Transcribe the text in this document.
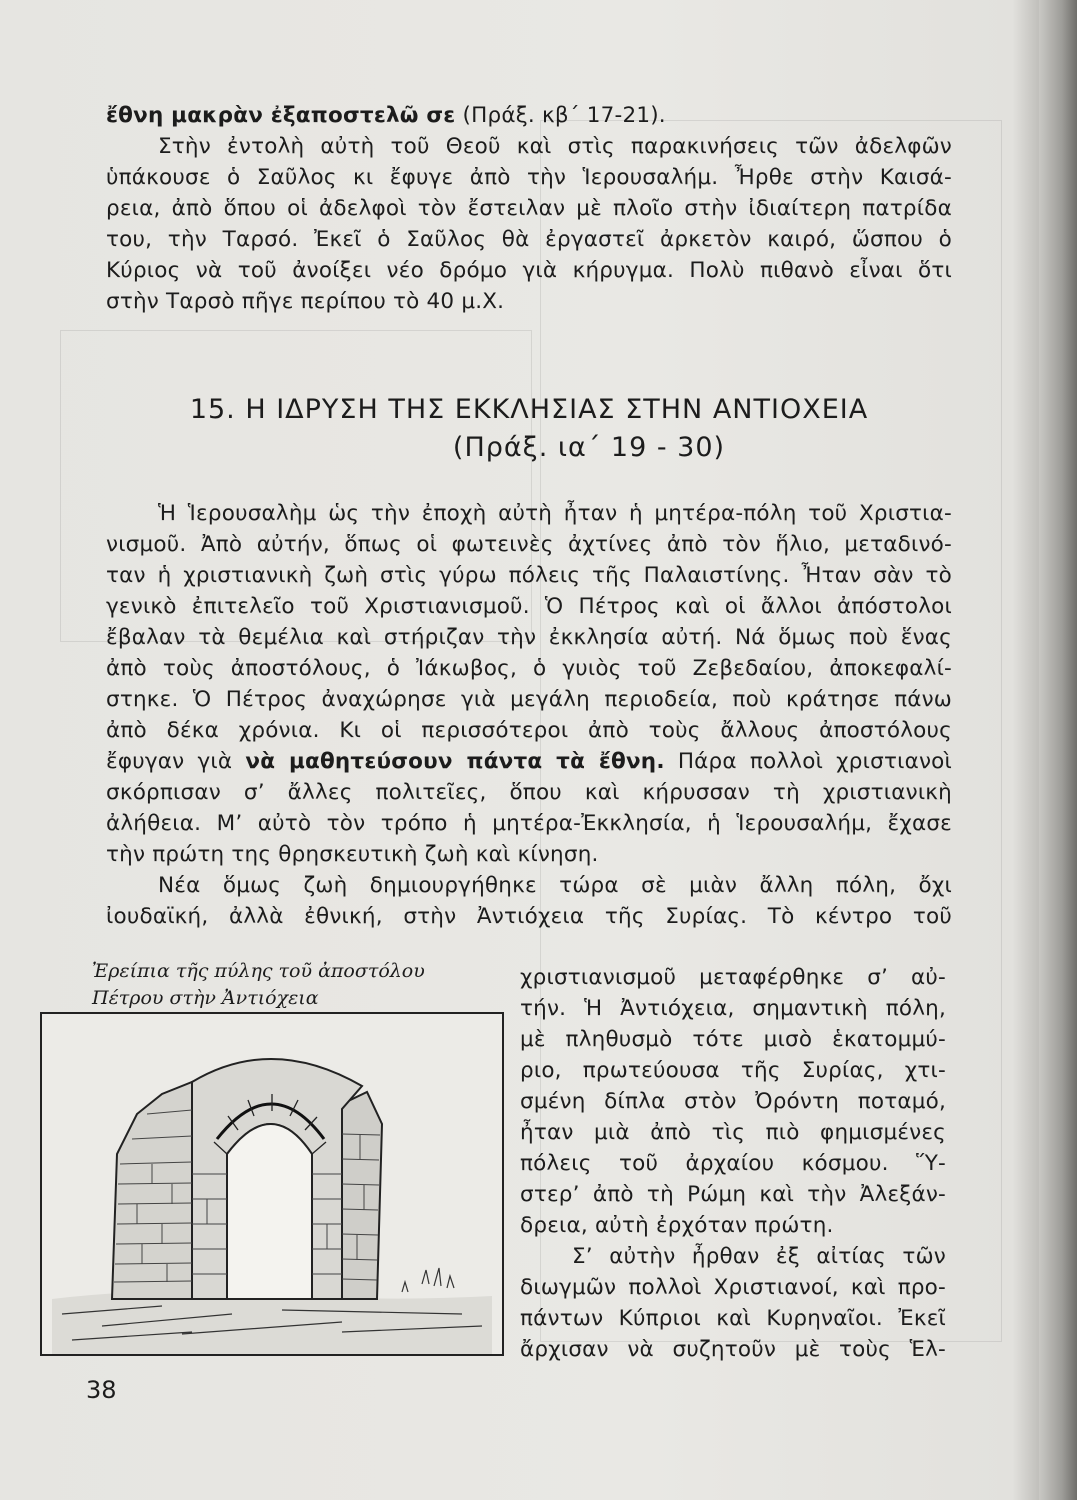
ἔθνη μακρὰν ἐξαποστελῶ σε (Πράξ. κβ΄ 17-21).
Στὴν ἐντολὴ αὐτὴ τοῦ Θεοῦ καὶ στὶς παρακινήσεις τῶν ἀδελφῶν
ὑπάκουσε ὁ Σαῦλος κι ἔφυγε ἀπὸ τὴν Ἱερουσαλήμ. Ἦρθε στὴν Καισά-
ρεια, ἀπὸ ὅπου οἱ ἀδελφοὶ τὸν ἔστειλαν μὲ πλοῖο στὴν ἰδιαίτερη πατρίδα
του, τὴν Ταρσό. Ἐκεῖ ὁ Σαῦλος θὰ ἐργαστεῖ ἀρκετὸν καιρό, ὥσπου ὁ
Κύριος νὰ τοῦ ἀνοίξει νέο δρόμο γιὰ κήρυγμα. Πολὺ πιθανὸ εἶναι ὅτι
στὴν Ταρσὸ πῆγε περίπου τὸ 40 μ.Χ.
15. Η ΙΔΡΥΣΗ ΤΗΣ ΕΚΚΛΗΣΙΑΣ ΣΤΗΝ ΑΝΤΙΟΧΕΙΑ
(Πράξ. ια΄ 19 - 30)
Ἡ Ἱερουσαλὴμ ὡς τὴν ἐποχὴ αὐτὴ ἦταν ἡ μητέρα-πόλη τοῦ Χριστια-
νισμοῦ. Ἀπὸ αὐτήν, ὅπως οἱ φωτεινὲς ἀχτίνες ἀπὸ τὸν ἥλιο, μεταδινό-
ταν ἡ χριστιανικὴ ζωὴ στὶς γύρω πόλεις τῆς Παλαιστίνης. Ἦταν σὰν τὸ
γενικὸ ἐπιτελεῖο τοῦ Χριστιανισμοῦ. Ὁ Πέτρος καὶ οἱ ἄλλοι ἀπόστολοι
ἔβαλαν τὰ θεμέλια καὶ στήριζαν τὴν ἐκκλησία αὐτή. Νά ὅμως ποὺ ἕνας
ἀπὸ τοὺς ἀποστόλους, ὁ Ἰάκωβος, ὁ γυιὸς τοῦ Ζεβεδαίου, ἀποκεφαλί-
στηκε. Ὁ Πέτρος ἀναχώρησε γιὰ μεγάλη περιοδεία, ποὺ κράτησε πάνω
ἀπὸ δέκα χρόνια. Κι οἱ περισσότεροι ἀπὸ τοὺς ἄλλους ἀποστόλους
ἔφυγαν γιὰ νὰ μαθητεύσουν πάντα τὰ ἔθνη. Πάρα πολλοὶ χριστιανοὶ
σκόρπισαν σ’ ἄλλες πολιτεῖες, ὅπου καὶ κήρυσσαν τὴ χριστιανικὴ
ἀλήθεια. Μ’ αὐτὸ τὸν τρόπο ἡ μητέρα-Ἐκκλησία, ἡ Ἱερουσαλήμ, ἔχασε
τὴν πρώτη της θρησκευτικὴ ζωὴ καὶ κίνηση.
Νέα ὅμως ζωὴ δημιουργήθηκε τώρα σὲ μιὰν ἄλλη πόλη, ὄχι
ἰουδαϊκή, ἀλλὰ ἐθνική, στὴν Ἀντιόχεια τῆς Συρίας. Τὸ κέντρο τοῦ
Ἐρείπια τῆς πύλης τοῦ ἀποστόλου
Πέτρου στὴν Ἀντιόχεια
χριστιανισμοῦ μεταφέρθηκε σ’ αὐ-
τήν. Ἡ Ἀντιόχεια, σημαντικὴ πόλη,
μὲ πληθυσμὸ τότε μισὸ ἑκατομμύ-
ριο, πρωτεύουσα τῆς Συρίας, χτι-
σμένη δίπλα στὸν Ὀρόντη ποταμό,
ἦταν μιὰ ἀπὸ τὶς πιὸ φημισμένες
πόλεις τοῦ ἀρχαίου κόσμου. Ὕ-
στερ’ ἀπὸ τὴ Ρώμη καὶ τὴν Ἀλεξάν-
δρεια, αὐτὴ ἐρχόταν πρώτη.
Σ’ αὐτὴν ἦρθαν ἐξ αἰτίας τῶν
διωγμῶν πολλοὶ Χριστιανοί, καὶ προ-
πάντων Κύπριοι καὶ Κυρηναῖοι. Ἐκεῖ
ἄρχισαν νὰ συζητοῦν μὲ τοὺς Ἑλ-
38
